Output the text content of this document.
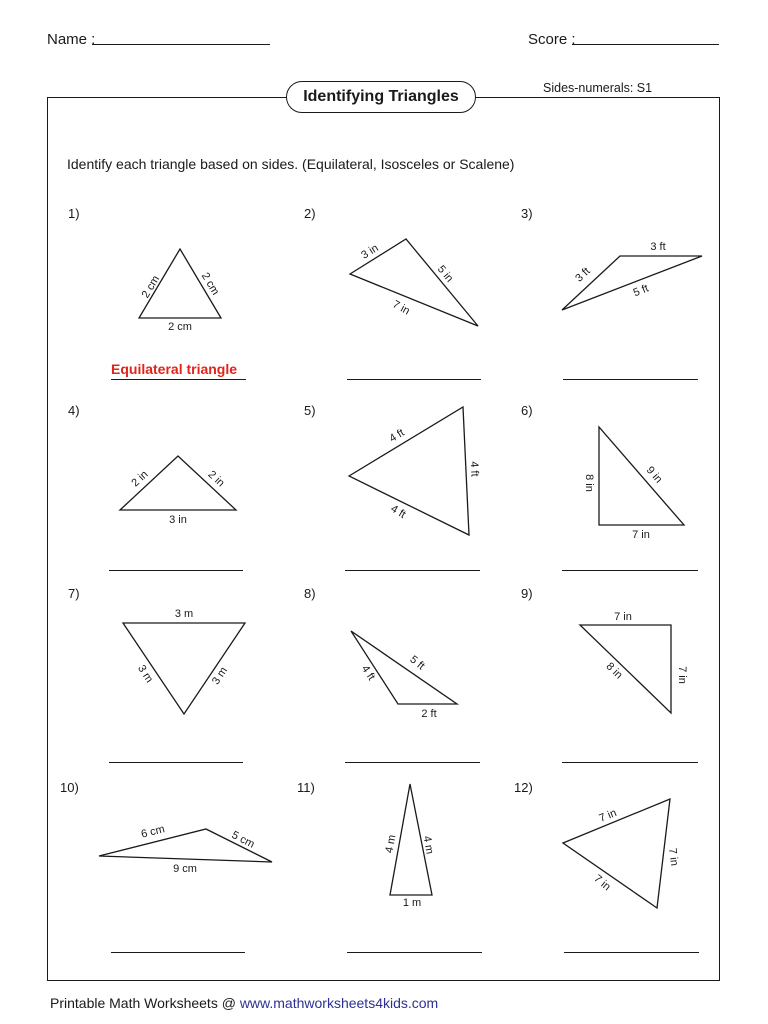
Name :	Score :
Identifying Triangles	Sides-numerals: S1
Identify each triangle based on sides. (Equilateral, Isosceles or Scalene)
1)	2)	3)
4)	5)	6)
7)	8)	9)
10)	11)	12)
Equilateral triangle
2 cm	2 cm
2 cm
3 in
5 in
7 in
3 ft
3 ft
5 ft
2 in	2 in
3 in
4 ft
4 ft
4 ft
8 in	9 in
7 in
3 m
3 m	3 m	4 ft
5 ft
2 ft
7 in
8 in	7 in
6 cm	5 cm
9 cm
4 m 4 m
1 m
7 in
7 in
7 in
Printable Math Worksheets @ www.mathworksheets4kids.com
